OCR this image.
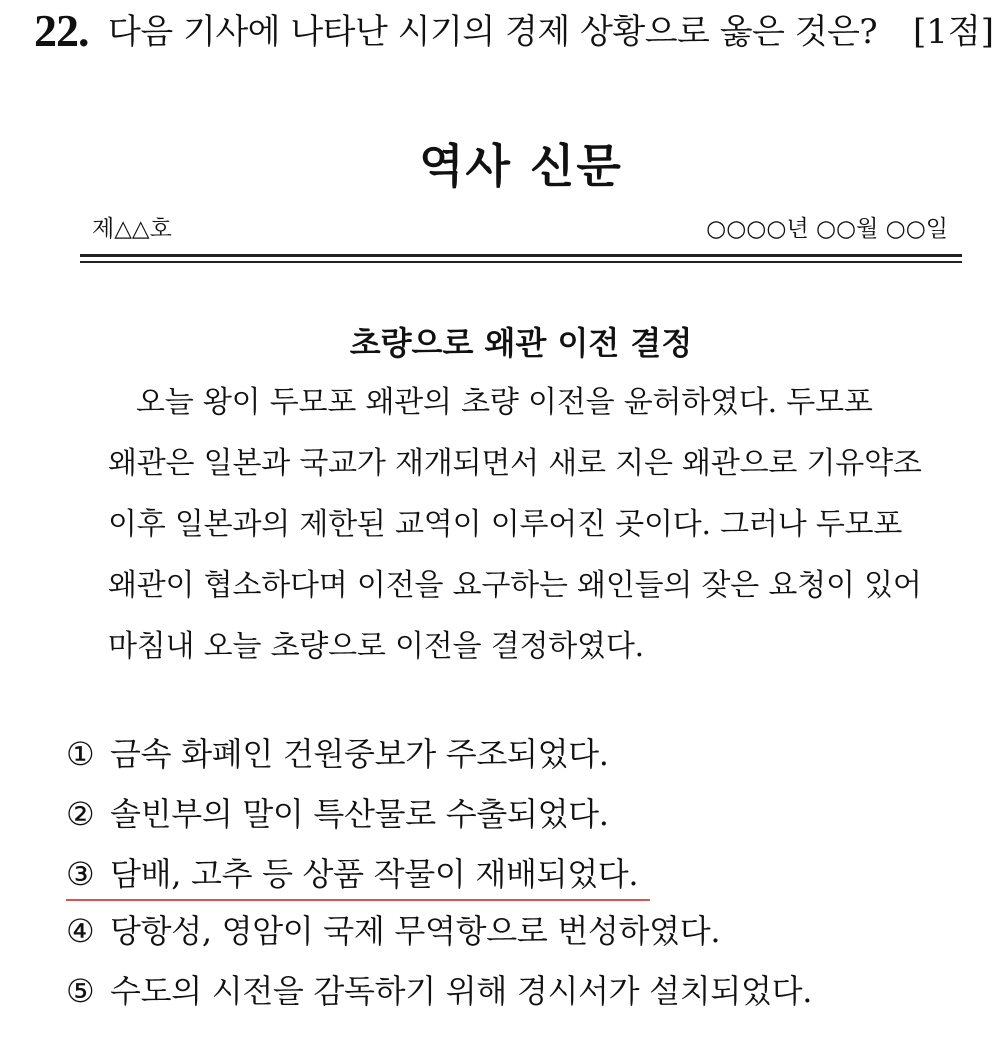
22. 다음 기사에 나타난 시기의 경제 상황으로 옳은 것은? [1점]
역사 신문
제△△호	○○○○년 ○○월 ○○일
초량으로 왜관 이전 결정

오늘 왕이 두모포 왜관의 초량 이전을 윤허하였다. 두모포 왜관은 일본과 국교가 재개되면서 새로 지은 왜관으로 기유약조 이후 일본과의 제한된 교역이 이루어진 곳이다. 그러나 두모포 왜관이 협소하다며 이전을 요구하는 왜인들의 잦은 요청이 있어 마침내 오늘 초량으로 이전을 결정하였다.

① 금속 화폐인 건원중보가 주조되었다.
② 솔빈부의 말이 특산물로 수출되었다.
③ 담배, 고추 등 상품 작물이 재배되었다.
④ 당항성, 영암이 국제 무역항으로 번성하였다.
⑤ 수도의 시전을 감독하기 위해 경시서가 설치되었다.
